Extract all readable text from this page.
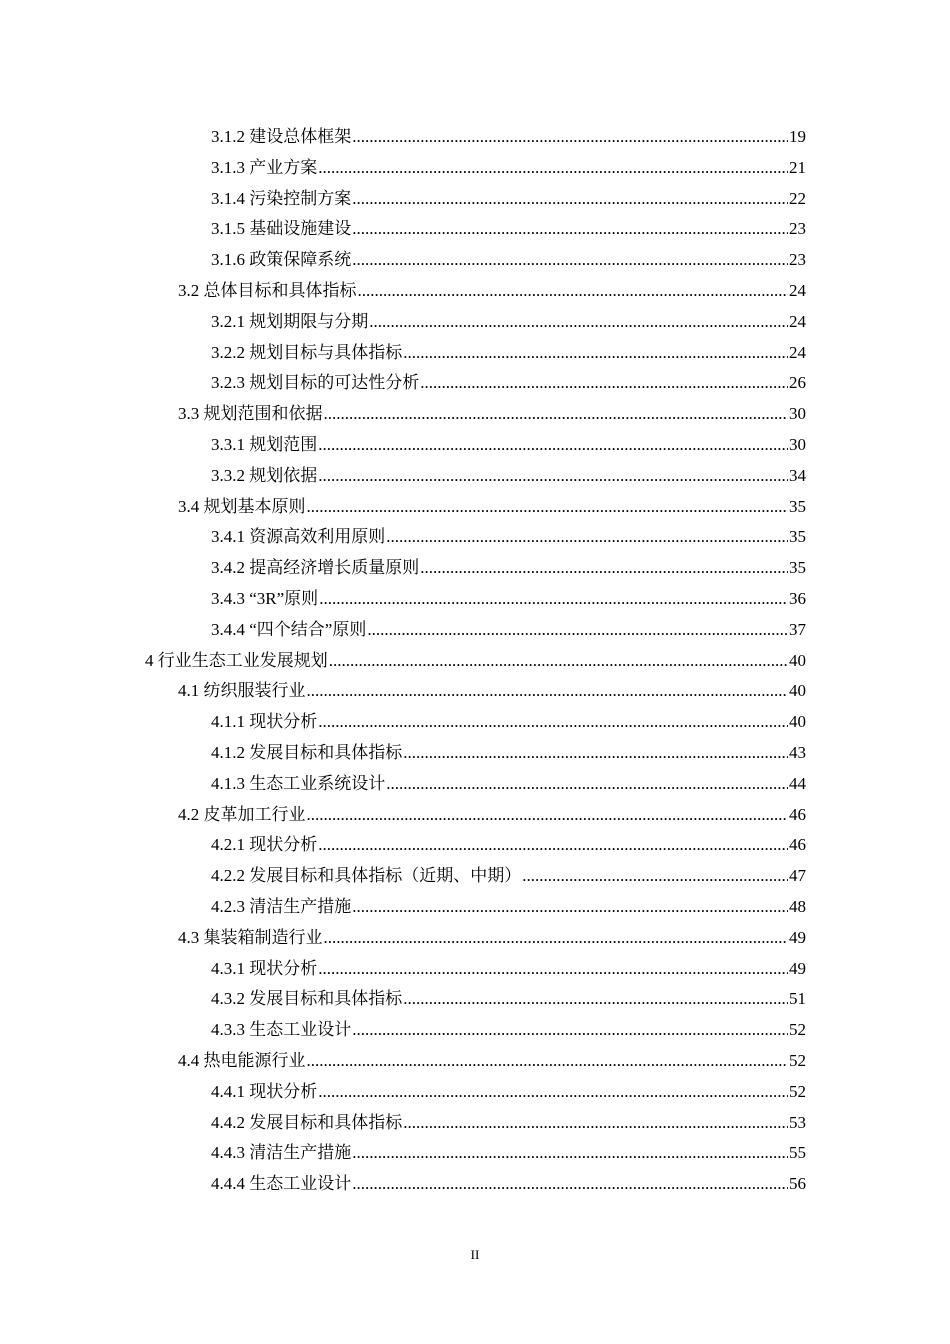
3.1.2 建设总体框架 .....	19
3.1.3 产业方案 .....	21
3.1.4 污染控制方案 .....	22
3.1.5 基础设施建设 .....	23
3.1.6 政策保障系统 .....	23
3.2 总体目标和具体指标 .....	24
3.2.1 规划期限与分期 .....	24
3.2.2 规划目标与具体指标 .....	24
3.2.3 规划目标的可达性分析 .....	26
3.3 规划范围和依据 .....	30
3.3.1 规划范围 .....	30
3.3.2 规划依据 .....	34
3.4 规划基本原则 .....	35
3.4.1 资源高效利用原则 .....	35
3.4.2 提高经济增长质量原则 .....	35
3.4.3 “3R”原则 .....	36
3.4.4 “四个结合”原则 .....	37
4 行业生态工业发展规划 .....	40
4.1 纺织服装行业 .....	40
4.1.1 现状分析 .....	40
4.1.2 发展目标和具体指标 .....	43
4.1.3 生态工业系统设计 .....	44
4.2 皮革加工行业 .....	46
4.2.1 现状分析 .....	46
4.2.2 发展目标和具体指标（近期、中期） .....	47
4.2.3 清洁生产措施 .....	48
4.3 集装箱制造行业 .....	49
4.3.1 现状分析 .....	49
4.3.2 发展目标和具体指标 .....	51
4.3.3 生态工业设计 .....	52
4.4 热电能源行业 .....	52
4.4.1 现状分析 .....	52
4.4.2 发展目标和具体指标 .....	53
4.4.3 清洁生产措施 .....	55
4.4.4 生态工业设计 .....	56
II
